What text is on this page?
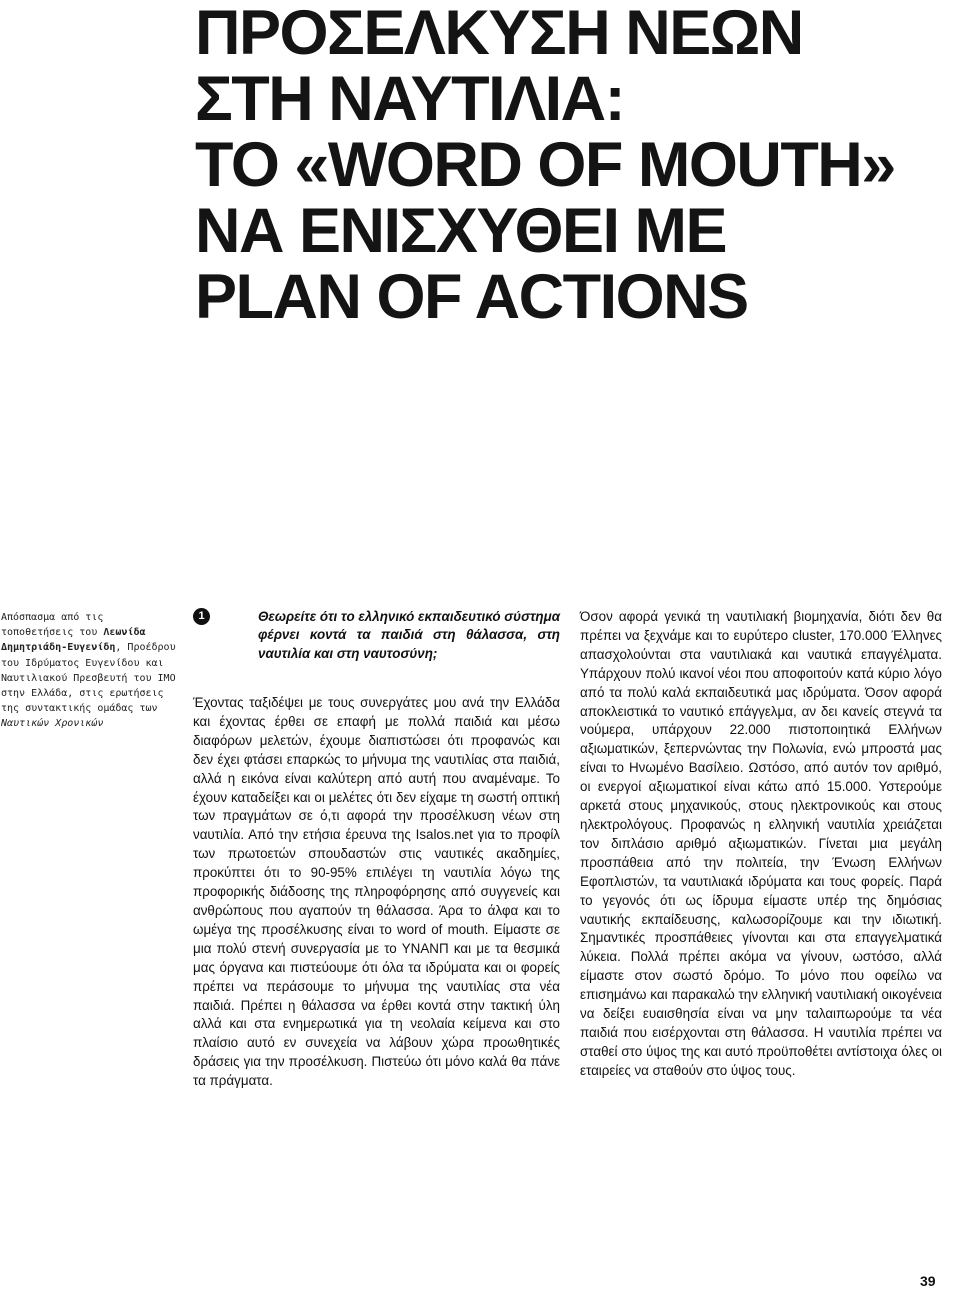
ΠΡΟΣΕΛΚΥΣΗ ΝΕΩΝ
ΣΤΗ ΝΑΥΤΙΛΙΑ:
ΤΟ «WORD OF MOUTH»
ΝΑ ΕΝΙΣΧΥΘΕΙ ΜΕ
PLAN OF ACTIONS
Απόσπασμα από τις τοποθετήσεις του Λεωνίδα Δημητριάδη-Ευγενίδη, Προέδρου του Ιδρύματος Ευγενίδου και Ναυτιλιακού Πρεσβευτή του ΙΜΟ στην Ελλάδα, στις ερωτήσεις της συντακτικής ομάδας των Ναυτικών Χρονικών
1	Θεωρείτε ότι το ελληνικό εκπαιδευτικό σύστημα φέρνει κοντά τα παιδιά στη θάλασσα, στη ναυτιλία και στη ναυτοσύνη;

Έχοντας ταξιδέψει με τους συνεργάτες μου ανά την Ελλάδα και έχοντας έρθει σε επαφή με πολλά παιδιά και μέσω διαφόρων μελετών, έχουμε διαπιστώσει ότι προφανώς και δεν έχει φτάσει επαρκώς το μήνυμα της ναυτιλίας στα παιδιά, αλλά η εικόνα είναι καλύτερη από αυτή που αναμέναμε. Το έχουν καταδείξει και οι μελέτες ότι δεν είχαμε τη σωστή οπτική των πραγμάτων σε ό,τι αφορά την προσέλκυση νέων στη ναυτιλία. Από την ετήσια έρευνα της Isalos.net για το προφίλ των πρωτοετών σπουδαστών στις ναυτικές ακαδημίες, προκύπτει ότι το 90-95% επιλέγει τη ναυτιλία λόγω της προφορικής διάδοσης της πληροφόρησης από συγγενείς και ανθρώπους που αγαπούν τη θάλασσα. Άρα το άλφα και το ωμέγα της προσέλκυσης είναι το word of mouth. Είμαστε σε μια πολύ στενή συνεργασία με το ΥΝΑΝΠ και με τα θεσμικά μας όργανα και πιστεύουμε ότι όλα τα ιδρύματα και οι φορείς πρέπει να περάσουμε το μήνυμα της ναυτιλίας στα νέα παιδιά. Πρέπει η θάλασσα να έρθει κοντά στην τακτική ύλη αλλά και στα ενημερωτικά για τη νεολαία κείμενα και στο πλαίσιο αυτό εν συνεχεία να λάβουν χώρα προωθητικές δράσεις για την προσέλκυση. Πιστεύω ότι μόνο καλά θα πάνε τα πράγματα.

Όσον αφορά γενικά τη ναυτιλιακή βιομηχανία, διότι δεν θα πρέπει να ξεχνάμε και το ευρύτερο cluster, 170.000 Έλληνες απασχολούνται στα ναυτιλιακά και ναυτικά επαγγέλματα. Υπάρχουν πολύ ικανοί νέοι που αποφοιτούν κατά κύριο λόγο από τα πολύ καλά εκπαιδευτικά μας ιδρύματα. Όσον αφορά αποκλειστικά το ναυτικό επάγγελμα, αν δει κανείς στεγνά τα νούμερα, υπάρχουν 22.000 πιστοποιητικά Ελλήνων αξιωματικών, ξεπερνώντας την Πολωνία, ενώ μπροστά μας είναι το Ηνωμένο Βασίλειο. Ωστόσο, από αυτόν τον αριθμό, οι ενεργοί αξιωματικοί είναι κάτω από 15.000. Υστερούμε αρκετά στους μηχανικούς, στους ηλεκτρονικούς και στους ηλεκτρολόγους. Προφανώς η ελληνική ναυτιλία χρειάζεται τον διπλάσιο αριθμό αξιωματικών. Γίνεται μια μεγάλη προσπάθεια από την πολιτεία, την Ένωση Ελλήνων Εφοπλιστών, τα ναυτιλιακά ιδρύματα και τους φορείς. Παρά το γεγονός ότι ως ίδρυμα είμαστε υπέρ της δημόσιας ναυτικής εκπαίδευσης, καλωσορίζουμε και την ιδιωτική. Σημαντικές προσπάθειες γίνονται και στα επαγγελματικά λύκεια. Πολλά πρέπει ακόμα να γίνουν, ωστόσο, αλλά είμαστε στον σωστό δρόμο. Το μόνο που οφείλω να επισημάνω και παρακαλώ την ελληνική ναυτιλιακή οικογένεια να δείξει ευαισθησία είναι να μην ταλαιπωρούμε τα νέα παιδιά που εισέρχονται στη θάλασσα. Η ναυτιλία πρέπει να σταθεί στο ύψος της και αυτό προϋποθέτει αντίστοιχα όλες οι εταιρείες να σταθούν στο ύψος τους.

39
